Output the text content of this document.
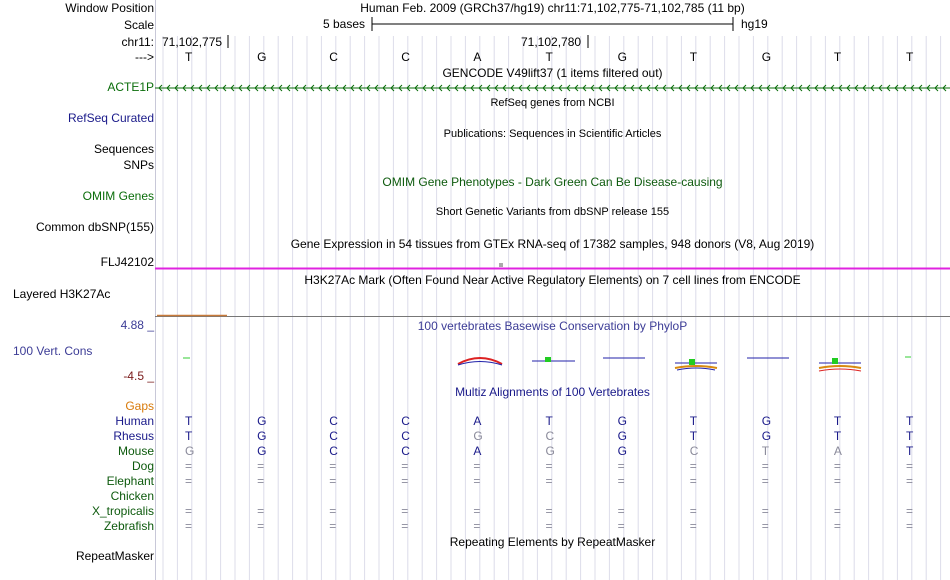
Window Position	Human Feb. 2009 (GRCh37/hg19) chr11:71,102,775-71,102,785 (11 bp)
Scale	5 bases	hg19
chr11: 71,102,775	71,102,780
--->	T	G	C	C	A	T	G	T	G	T	T
GENCODE V49lift37 (1 items filtered out)
ACTE1P
RefSeq genes from NCBI
RefSeq Curated
Publications: Sequences in Scientific Articles
Sequences
SNPs
OMIM Gene Phenotypes - Dark Green Can Be Disease-causing
OMIM Genes
Short Genetic Variants from dbSNP release 155
Common dbSNP(155)
Gene Expression in 54 tissues from GTEx RNA-seq of 17382 samples, 948 donors (V8, Aug 2019)
FLJ42102
H3K27Ac Mark (Often Found Near Active Regulatory Elements) on 7 cell lines from ENCODE
Layered H3K27Ac
100 vertebrates Basewise Conservation by PhyloP
4.88 _
100 Vert. Cons
-4.5 _
Multiz Alignments of 100 Vertebrates
Gaps
Human	T	G	C	C	A	T	G	T	G	T	T
Rhesus	T	G	C	C	G	C	G	T	G	T	T
Mouse	G	G	C	C	A	G	G	C	T	A	T
Dog	=	=	=	=	=	=	=	=	=	=	=
Elephant	=	=	=	=	=	=	=	=	=	=	=
Chicken
X_tropicalis	=	=	=	=	=	=	=	=	=	=	=
Zebrafish	=	=	=	=	=	=	=	=	=	=	=
Repeating Elements by RepeatMasker
RepeatMasker
